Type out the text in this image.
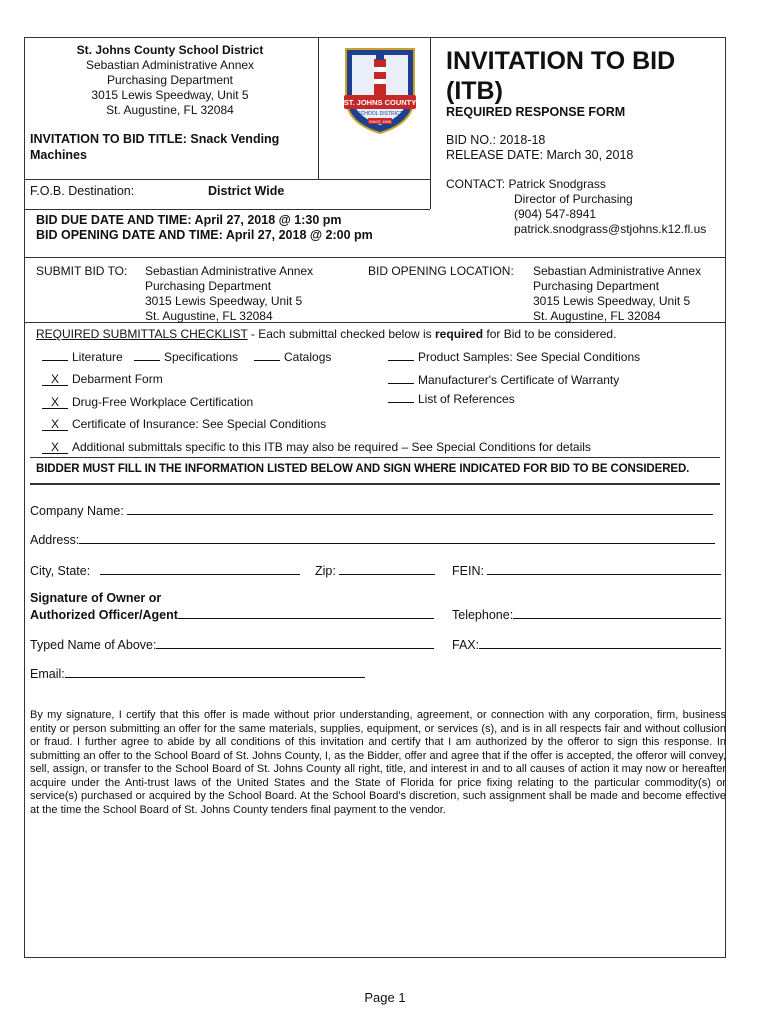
St. Johns County School District
Sebastian Administrative Annex
Purchasing Department
3015 Lewis Speedway, Unit 5
St. Augustine, FL 32084
INVITATION TO BID TITLE: Snack Vending
Machines
ST. JOHNS COUNTY
SCHOOL DISTRICT
SINCE 1868
INVITATION TO BID
(ITB)
REQUIRED RESPONSE FORM
BID NO.: 2018-18
RELEASE DATE: March 30, 2018
F.O.B. Destination:	District Wide	CONTACT: Patrick Snodgrass
Director of Purchasing
(904) 547-8941
patrick.snodgrass@stjohns.k12.fl.us
BID DUE DATE AND TIME: April 27, 2018 @ 1:30 pm
BID OPENING DATE AND TIME: April 27, 2018 @ 2:00 pm
SUBMIT BID TO: Sebastian Administrative Annex
Purchasing Department
3015 Lewis Speedway, Unit 5
St. Augustine, FL 32084
BID OPENING LOCATION: Sebastian Administrative Annex
Purchasing Department
3015 Lewis Speedway, Unit 5
St. Augustine, FL 32084
REQUIRED SUBMITTALS CHECKLIST - Each submittal checked below is required for Bid to be considered.
Literature	Specifications	Catalogs	Product Samples: See Special Conditions
X Debarment Form	Manufacturer's Certificate of Warranty
X Drug-Free Workplace Certification	List of References
X Certificate of Insurance: See Special Conditions
X Additional submittals specific to this ITB may also be required – See Special Conditions for details
BIDDER MUST FILL IN THE INFORMATION LISTED BELOW AND SIGN WHERE INDICATED FOR BID TO BE CONSIDERED.
Company Name:
Address:
City, State:	Zip:	FEIN:
Signature of Owner or
Authorized Officer/Agent	Telephone:
Typed Name of Above:	FAX:
Email:
By my signature, I certify that this offer is made without prior understanding, agreement, or connection with any corporation, firm, business entity or person submitting an offer for the same materials, supplies, equipment, or services (s), and is in all respects fair and without collusion or fraud. I further agree to abide by all conditions of this invitation and certify that I am authorized by the offeror to sign this response. In submitting an offer to the School Board of St. Johns County, I, as the Bidder, offer and agree that if the offer is accepted, the offeror will convey, sell, assign, or transfer to the School Board of St. Johns County all right, title, and interest in and to all causes of action it may now or hereafter acquire under the Anti-trust laws of the United States and the State of Florida for price fixing relating to the particular commodity(s) or service(s) purchased or acquired by the School Board. At the School Board's discretion, such assignment shall be made and become effective at the time the School Board of St. Johns County tenders final payment to the vendor.
Page 1
